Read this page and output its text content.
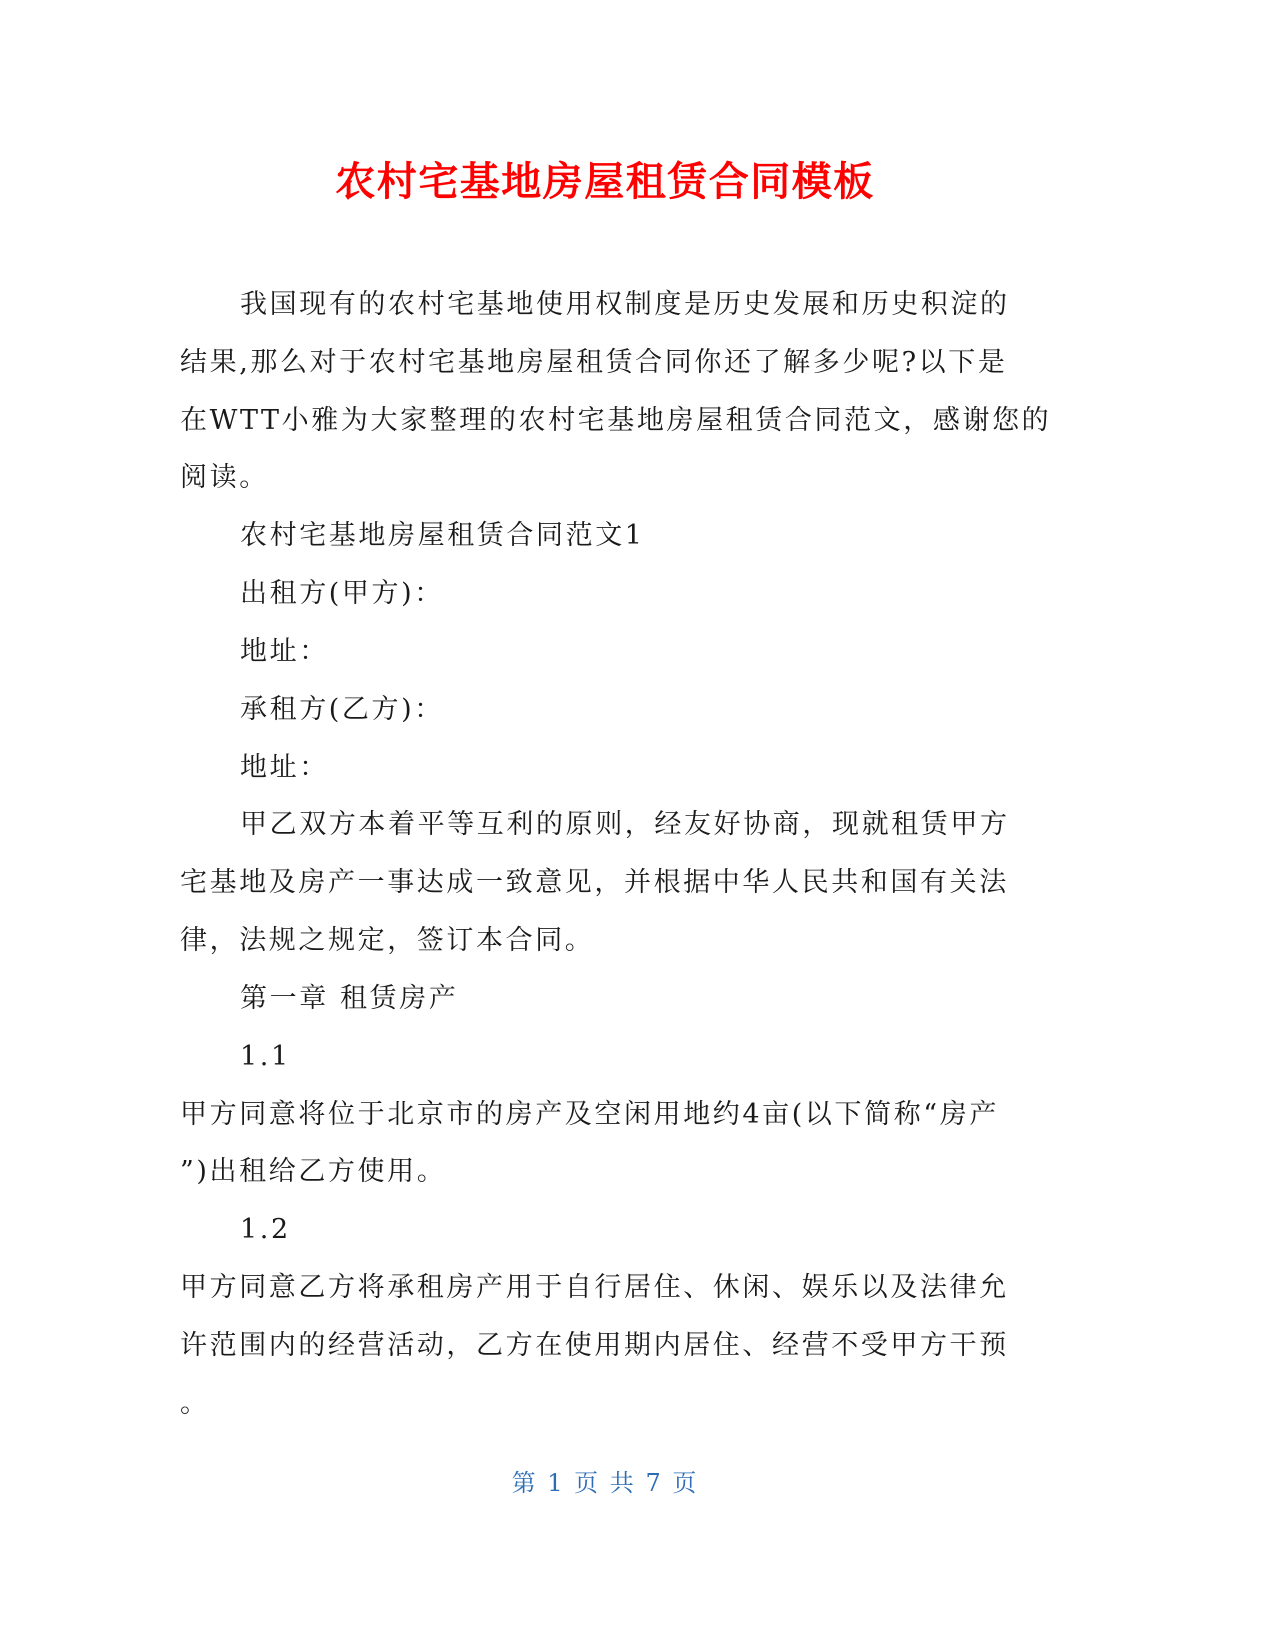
农村宅基地房屋租赁合同模板
我国现有的农村宅基地使用权制度是历史发展和历史积淀的
结果,那么对于农村宅基地房屋租赁合同你还了解多少呢?以下是
在WTT小雅为大家整理的农村宅基地房屋租赁合同范文，感谢您的
阅读。
农村宅基地房屋租赁合同范文1
出租方(甲方)：
地址：
承租方(乙方)：
地址：
甲乙双方本着平等互利的原则，经友好协商，现就租赁甲方
宅基地及房产一事达成一致意见，并根据中华人民共和国有关法
律，法规之规定，签订本合同。
第一章 租赁房产
1.1
甲方同意将位于北京市的房产及空闲用地约4亩(以下简称“房产
”)出租给乙方使用。
1.2
甲方同意乙方将承租房产用于自行居住、休闲、娱乐以及法律允
许范围内的经营活动，乙方在使用期内居住、经营不受甲方干预
。
第 1 页 共 7 页
